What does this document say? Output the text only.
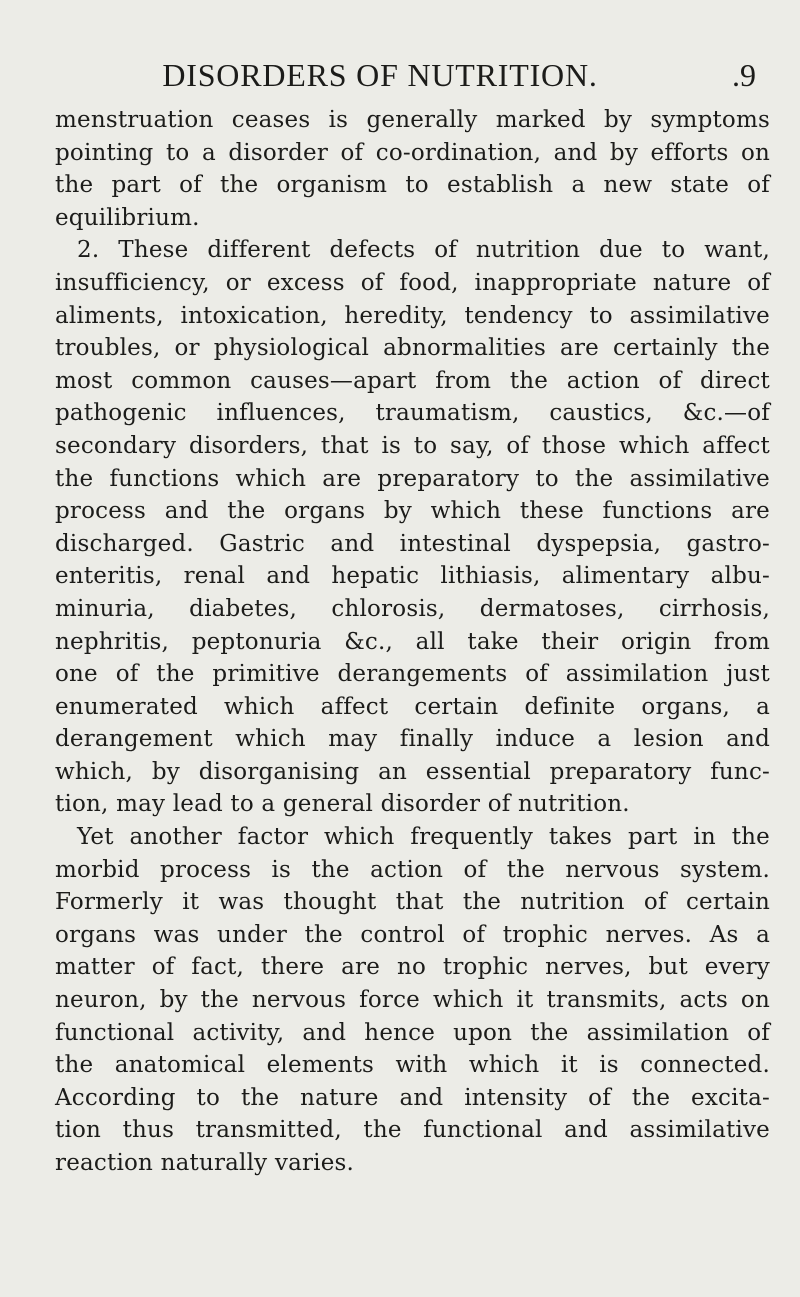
DISORDERS OF NUTRITION.	.9
menstruation ceases is generally marked by symptoms
pointing to a disorder of co-ordination, and by efforts on
the part of the organism to establish a new state of
equilibrium.
2. These different defects of nutrition due to want,
insufficiency, or excess of food, inappropriate nature of
aliments, intoxication, heredity, tendency to assimilative
troubles, or physiological abnormalities are certainly the
most common causes—apart from the action of direct
pathogenic influences, traumatism, caustics, &c.—of
secondary disorders, that is to say, of those which affect
the functions which are preparatory to the assimilative
process and the organs by which these functions are
discharged. Gastric and intestinal dyspepsia, gastro-
enteritis, renal and hepatic lithiasis, alimentary albu-
minuria, diabetes, chlorosis, dermatoses, cirrhosis,
nephritis, peptonuria &c., all take their origin from
one of the primitive derangements of assimilation just
enumerated which affect certain definite organs, a
derangement which may finally induce a lesion and
which, by disorganising an essential preparatory func-
tion, may lead to a general disorder of nutrition.
Yet another factor which frequently takes part in the
morbid process is the action of the nervous system.
Formerly it was thought that the nutrition of certain
organs was under the control of trophic nerves. As a
matter of fact, there are no trophic nerves, but every
neuron, by the nervous force which it transmits, acts on
functional activity, and hence upon the assimilation of
the anatomical elements with which it is connected.
According to the nature and intensity of the excita-
tion thus transmitted, the functional and assimilative
reaction naturally varies.
